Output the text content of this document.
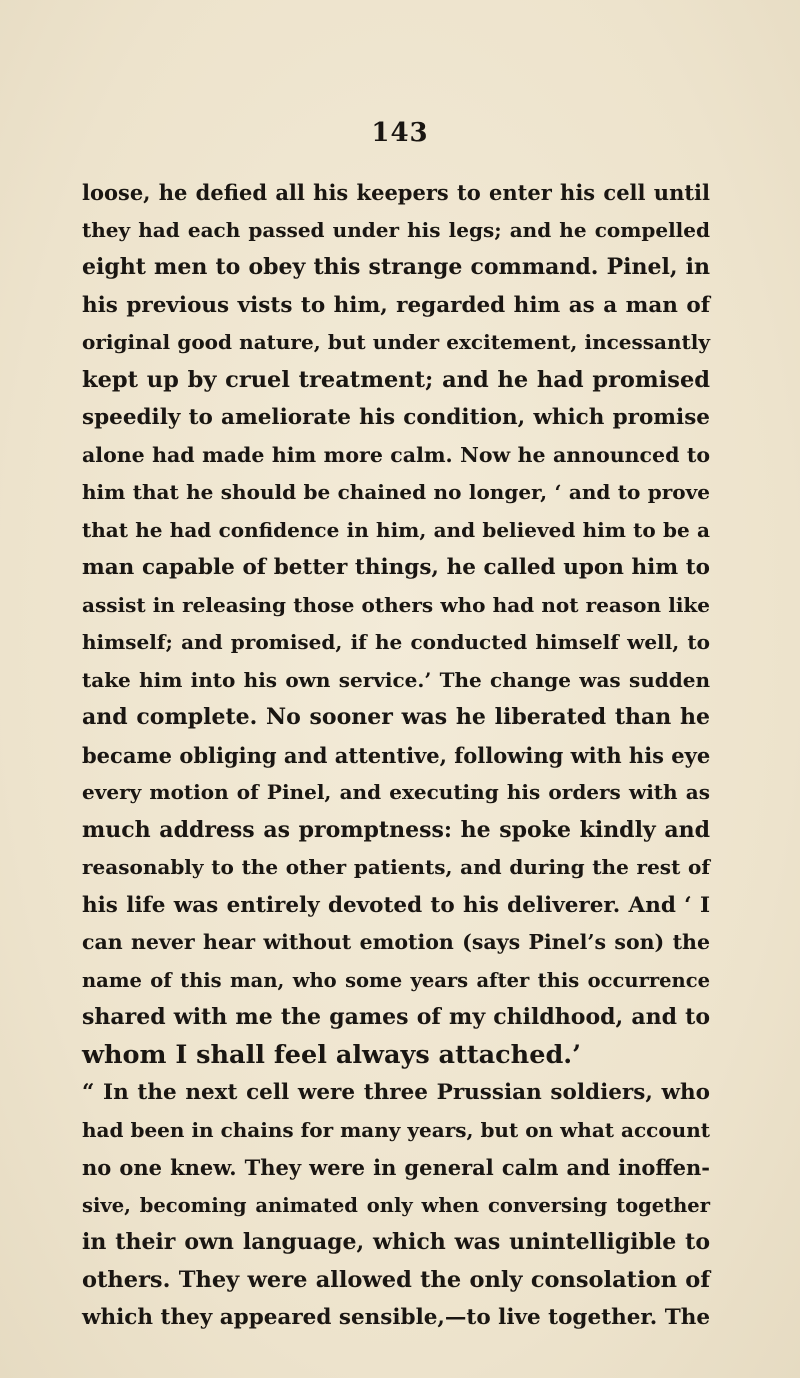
143
loose, he defied all his keepers to enter his cell until
they had each passed under his legs; and he compelled
eight men to obey this strange command. Pinel, in
his previous vists to him, regarded him as a man of
original good nature, but under excitement, incessantly
kept up by cruel treatment; and he had promised
speedily to ameliorate his condition, which promise
alone had made him more calm. Now he announced to
him that he should be chained no longer, ‘ and to prove
that he had confidence in him, and believed him to be a
man capable of better things, he called upon him to
assist in releasing those others who had not reason like
himself; and promised, if he conducted himself well, to
take him into his own service.’ The change was sudden
and complete. No sooner was he liberated than he
became obliging and attentive, following with his eye
every motion of Pinel, and executing his orders with as
much address as promptness: he spoke kindly and
reasonably to the other patients, and during the rest of
his life was entirely devoted to his deliverer. And ‘ I
can never hear without emotion (says Pinel’s son) the
name of this man, who some years after this occurrence
shared with me the games of my childhood, and to
whom I shall feel always attached.’
“ In the next cell were three Prussian soldiers, who
had been in chains for many years, but on what account
no one knew. They were in general calm and inoffen-
sive, becoming animated only when conversing together
in their own language, which was unintelligible to
others. They were allowed the only consolation of
which they appeared sensible,—to live together. The
